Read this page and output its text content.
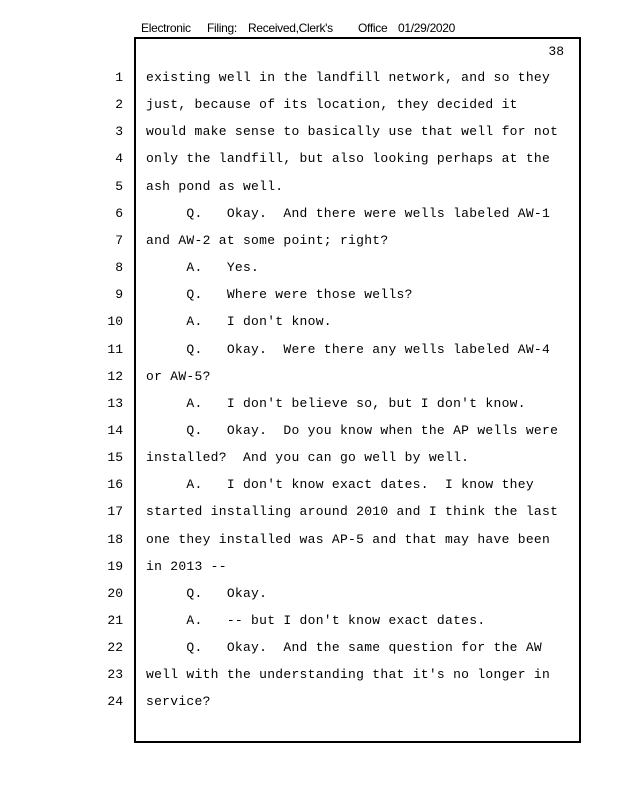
Electronic Filing: Received,Clerk's Office 01/29/2020
38
1 existing well in the landfill network, and so they
2 just, because of its location, they decided it
3 would make sense to basically use that well for not
4 only the landfill, but also looking perhaps at the
5 ash pond as well.
6 Q.   Okay.  And there were wells labeled AW-1
7 and AW-2 at some point; right?
8 A.   Yes.
9 Q.   Where were those wells?
10 A.   I don't know.
11 Q.   Okay.  Were there any wells labeled AW-4
12 or AW-5?
13 A.   I don't believe so, but I don't know.
14 Q.   Okay.  Do you know when the AP wells were
15 installed?  And you can go well by well.
16 A.   I don't know exact dates.  I know they
17 started installing around 2010 and I think the last
18 one they installed was AP-5 and that may have been
19 in 2013 --
20 Q.   Okay.
21 A.   -- but I don't know exact dates.
22 Q.   Okay.  And the same question for the AW
23 well with the understanding that it's no longer in
24 service?
